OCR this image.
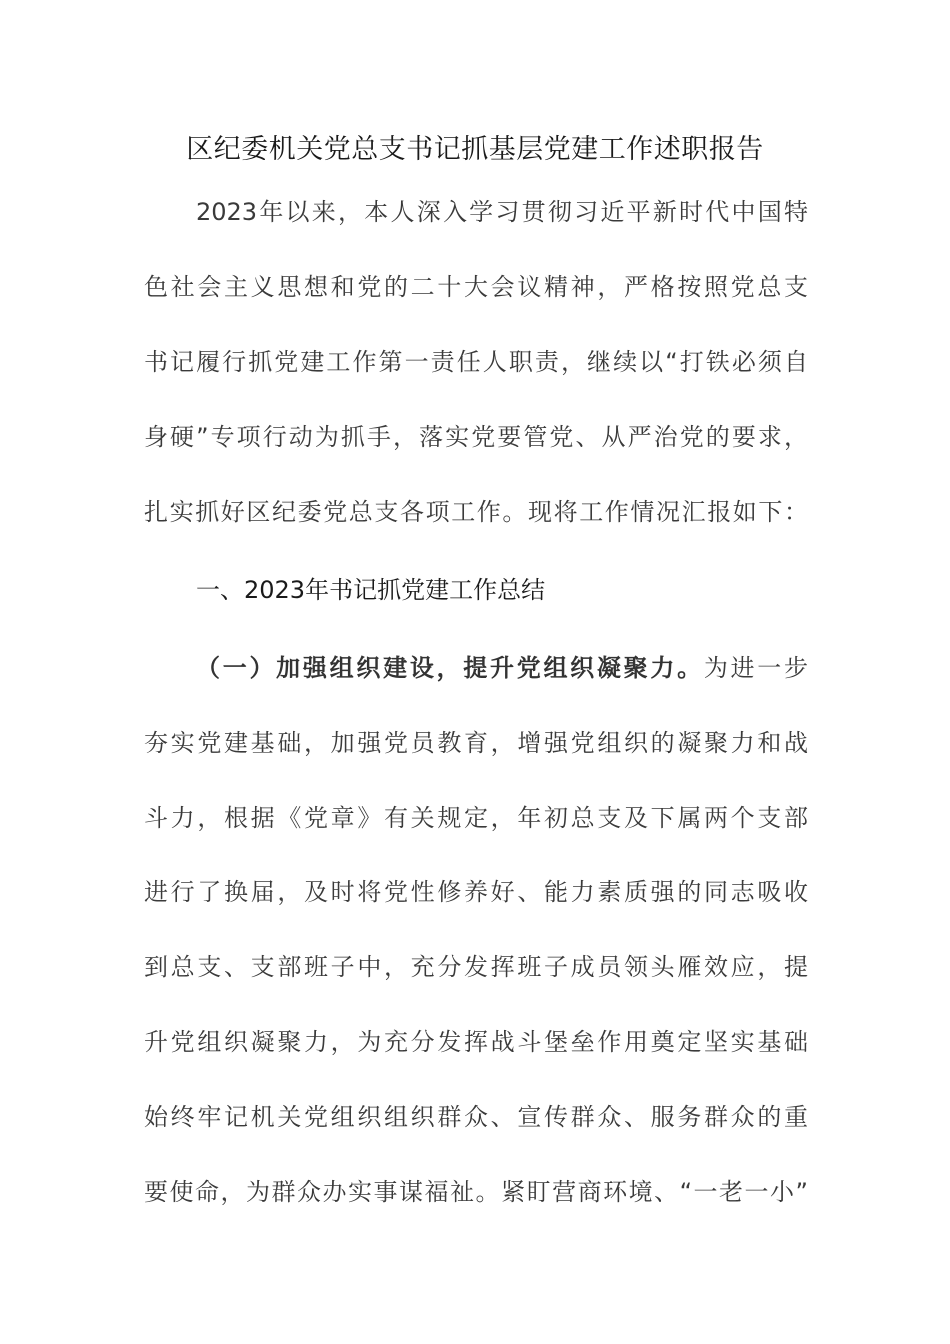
区纪委机关党总支书记抓基层党建工作述职报告

2023年以来，本人深入学习贯彻习近平新时代中国特

色社会主义思想和党的二十大会议精神，严格按照党总支

书记履行抓党建工作第一责任人职责，继续以“打铁必须自

身硬”专项行动为抓手，落实党要管党、从严治党的要求，

扎实抓好区纪委党总支各项工作。现将工作情况汇报如下：

一、2023年书记抓党建工作总结

（一）加强组织建设，提升党组织凝聚力。为进一步

夯实党建基础，加强党员教育，增强党组织的凝聚力和战

斗力，根据《党章》有关规定，年初总支及下属两个支部

进行了换届，及时将党性修养好、能力素质强的同志吸收

到总支、支部班子中，充分发挥班子成员领头雁效应，提

升党组织凝聚力，为充分发挥战斗堡垒作用奠定坚实基础

始终牢记机关党组织组织群众、宣传群众、服务群众的重

要使命，为群众办实事谋福祉。紧盯营商环境、“一老一小”
